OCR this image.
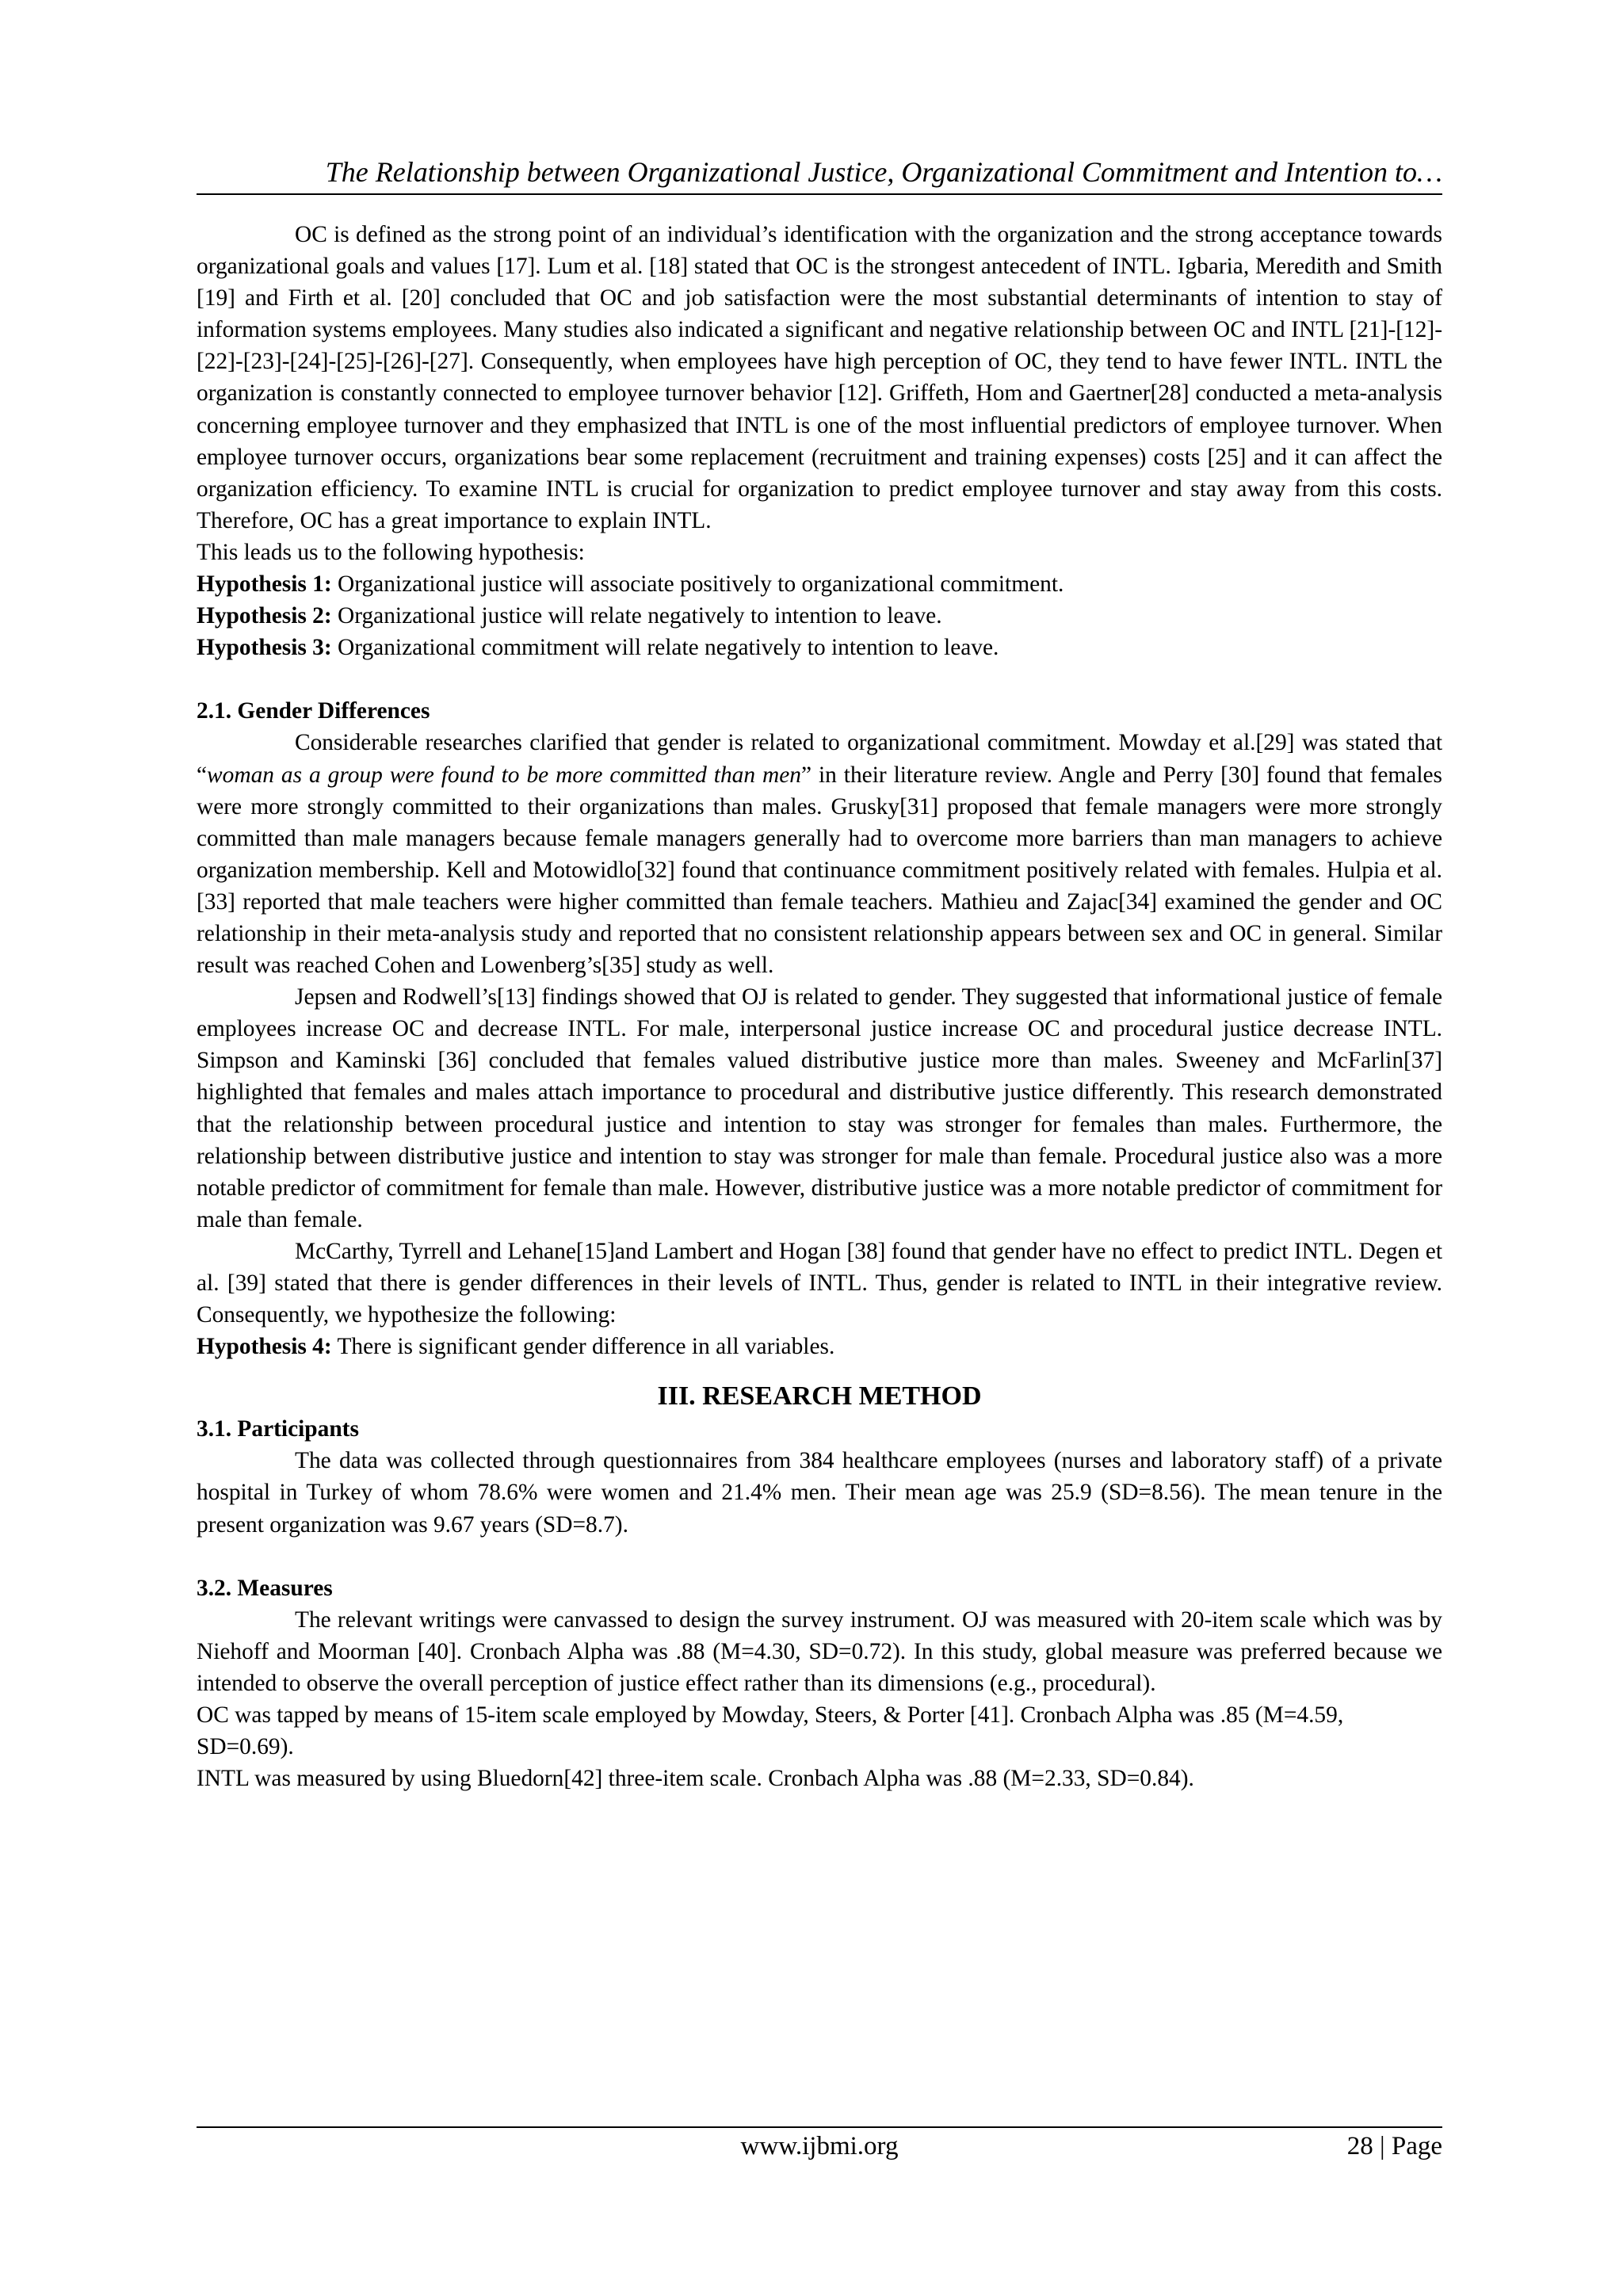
The Relationship between Organizational Justice, Organizational Commitment and Intention to…

OC is defined as the strong point of an individual’s identification with the organization and the strong acceptance towards organizational goals and values [17]. Lum et al. [18] stated that OC is the strongest antecedent of INTL. Igbaria, Meredith and Smith [19] and Firth et al. [20] concluded that OC and job satisfaction were the most substantial determinants of intention to stay of information systems employees. Many studies also indicated a significant and negative relationship between OC and INTL [21]-[12]-[22]-[23]-[24]-[25]-[26]-[27]. Consequently, when employees have high perception of OC, they tend to have fewer INTL. INTL the organization is constantly connected to employee turnover behavior [12]. Griffeth, Hom and Gaertner[28] conducted a meta-analysis concerning employee turnover and they emphasized that INTL is one of the most influential predictors of employee turnover. When employee turnover occurs, organizations bear some replacement (recruitment and training expenses) costs [25] and it can affect the organization efficiency. To examine INTL is crucial for organization to predict employee turnover and stay away from this costs. Therefore, OC has a great importance to explain INTL.

This leads us to the following hypothesis:

Hypothesis 1: Organizational justice will associate positively to organizational commitment.

Hypothesis 2: Organizational justice will relate negatively to intention to leave.

Hypothesis 3: Organizational commitment will relate negatively to intention to leave.

2.1. Gender Differences

Considerable researches clarified that gender is related to organizational commitment. Mowday et al.[29] was stated that “woman as a group were found to be more committed than men” in their literature review. Angle and Perry [30] found that females were more strongly committed to their organizations than males. Grusky[31] proposed that female managers were more strongly committed than male managers because female managers generally had to overcome more barriers than man managers to achieve organization membership. Kell and Motowidlo[32] found that continuance commitment positively related with females. Hulpia et al. [33] reported that male teachers were higher committed than female teachers. Mathieu and Zajac[34] examined the gender and OC relationship in their meta-analysis study and reported that no consistent relationship appears between sex and OC in general. Similar result was reached Cohen and Lowenberg’s[35] study as well.

Jepsen and Rodwell’s[13] findings showed that OJ is related to gender. They suggested that informational justice of female employees increase OC and decrease INTL. For male, interpersonal justice increase OC and procedural justice decrease INTL. Simpson and Kaminski [36] concluded that females valued distributive justice more than males. Sweeney and McFarlin[37] highlighted that females and males attach importance to procedural and distributive justice differently. This research demonstrated that the relationship between procedural justice and intention to stay was stronger for females than males. Furthermore, the relationship between distributive justice and intention to stay was stronger for male than female. Procedural justice also was a more notable predictor of commitment for female than male. However, distributive justice was a more notable predictor of commitment for male than female.

McCarthy, Tyrrell and Lehane[15]and Lambert and Hogan [38] found that gender have no effect to predict INTL. Degen et al. [39] stated that there is gender differences in their levels of INTL. Thus, gender is related to INTL in their integrative review. Consequently, we hypothesize the following:

Hypothesis 4: There is significant gender difference in all variables.

III. RESEARCH METHOD

3.1. Participants

The data was collected through questionnaires from 384 healthcare employees (nurses and laboratory staff) of a private hospital in Turkey of whom 78.6% were women and 21.4% men. Their mean age was 25.9 (SD=8.56). The mean tenure in the present organization was 9.67 years (SD=8.7).

3.2. Measures

The relevant writings were canvassed to design the survey instrument. OJ was measured with 20-item scale which was by Niehoff and Moorman [40]. Cronbach Alpha was .88 (M=4.30, SD=0.72). In this study, global measure was preferred because we intended to observe the overall perception of justice effect rather than its dimensions (e.g., procedural).

OC was tapped by means of 15-item scale employed by Mowday, Steers, & Porter [41]. Cronbach Alpha was .85 (M=4.59, SD=0.69).

INTL was measured by using Bluedorn[42] three-item scale. Cronbach Alpha was .88 (M=2.33, SD=0.84).

www.ijbmi.org	28 | Page
